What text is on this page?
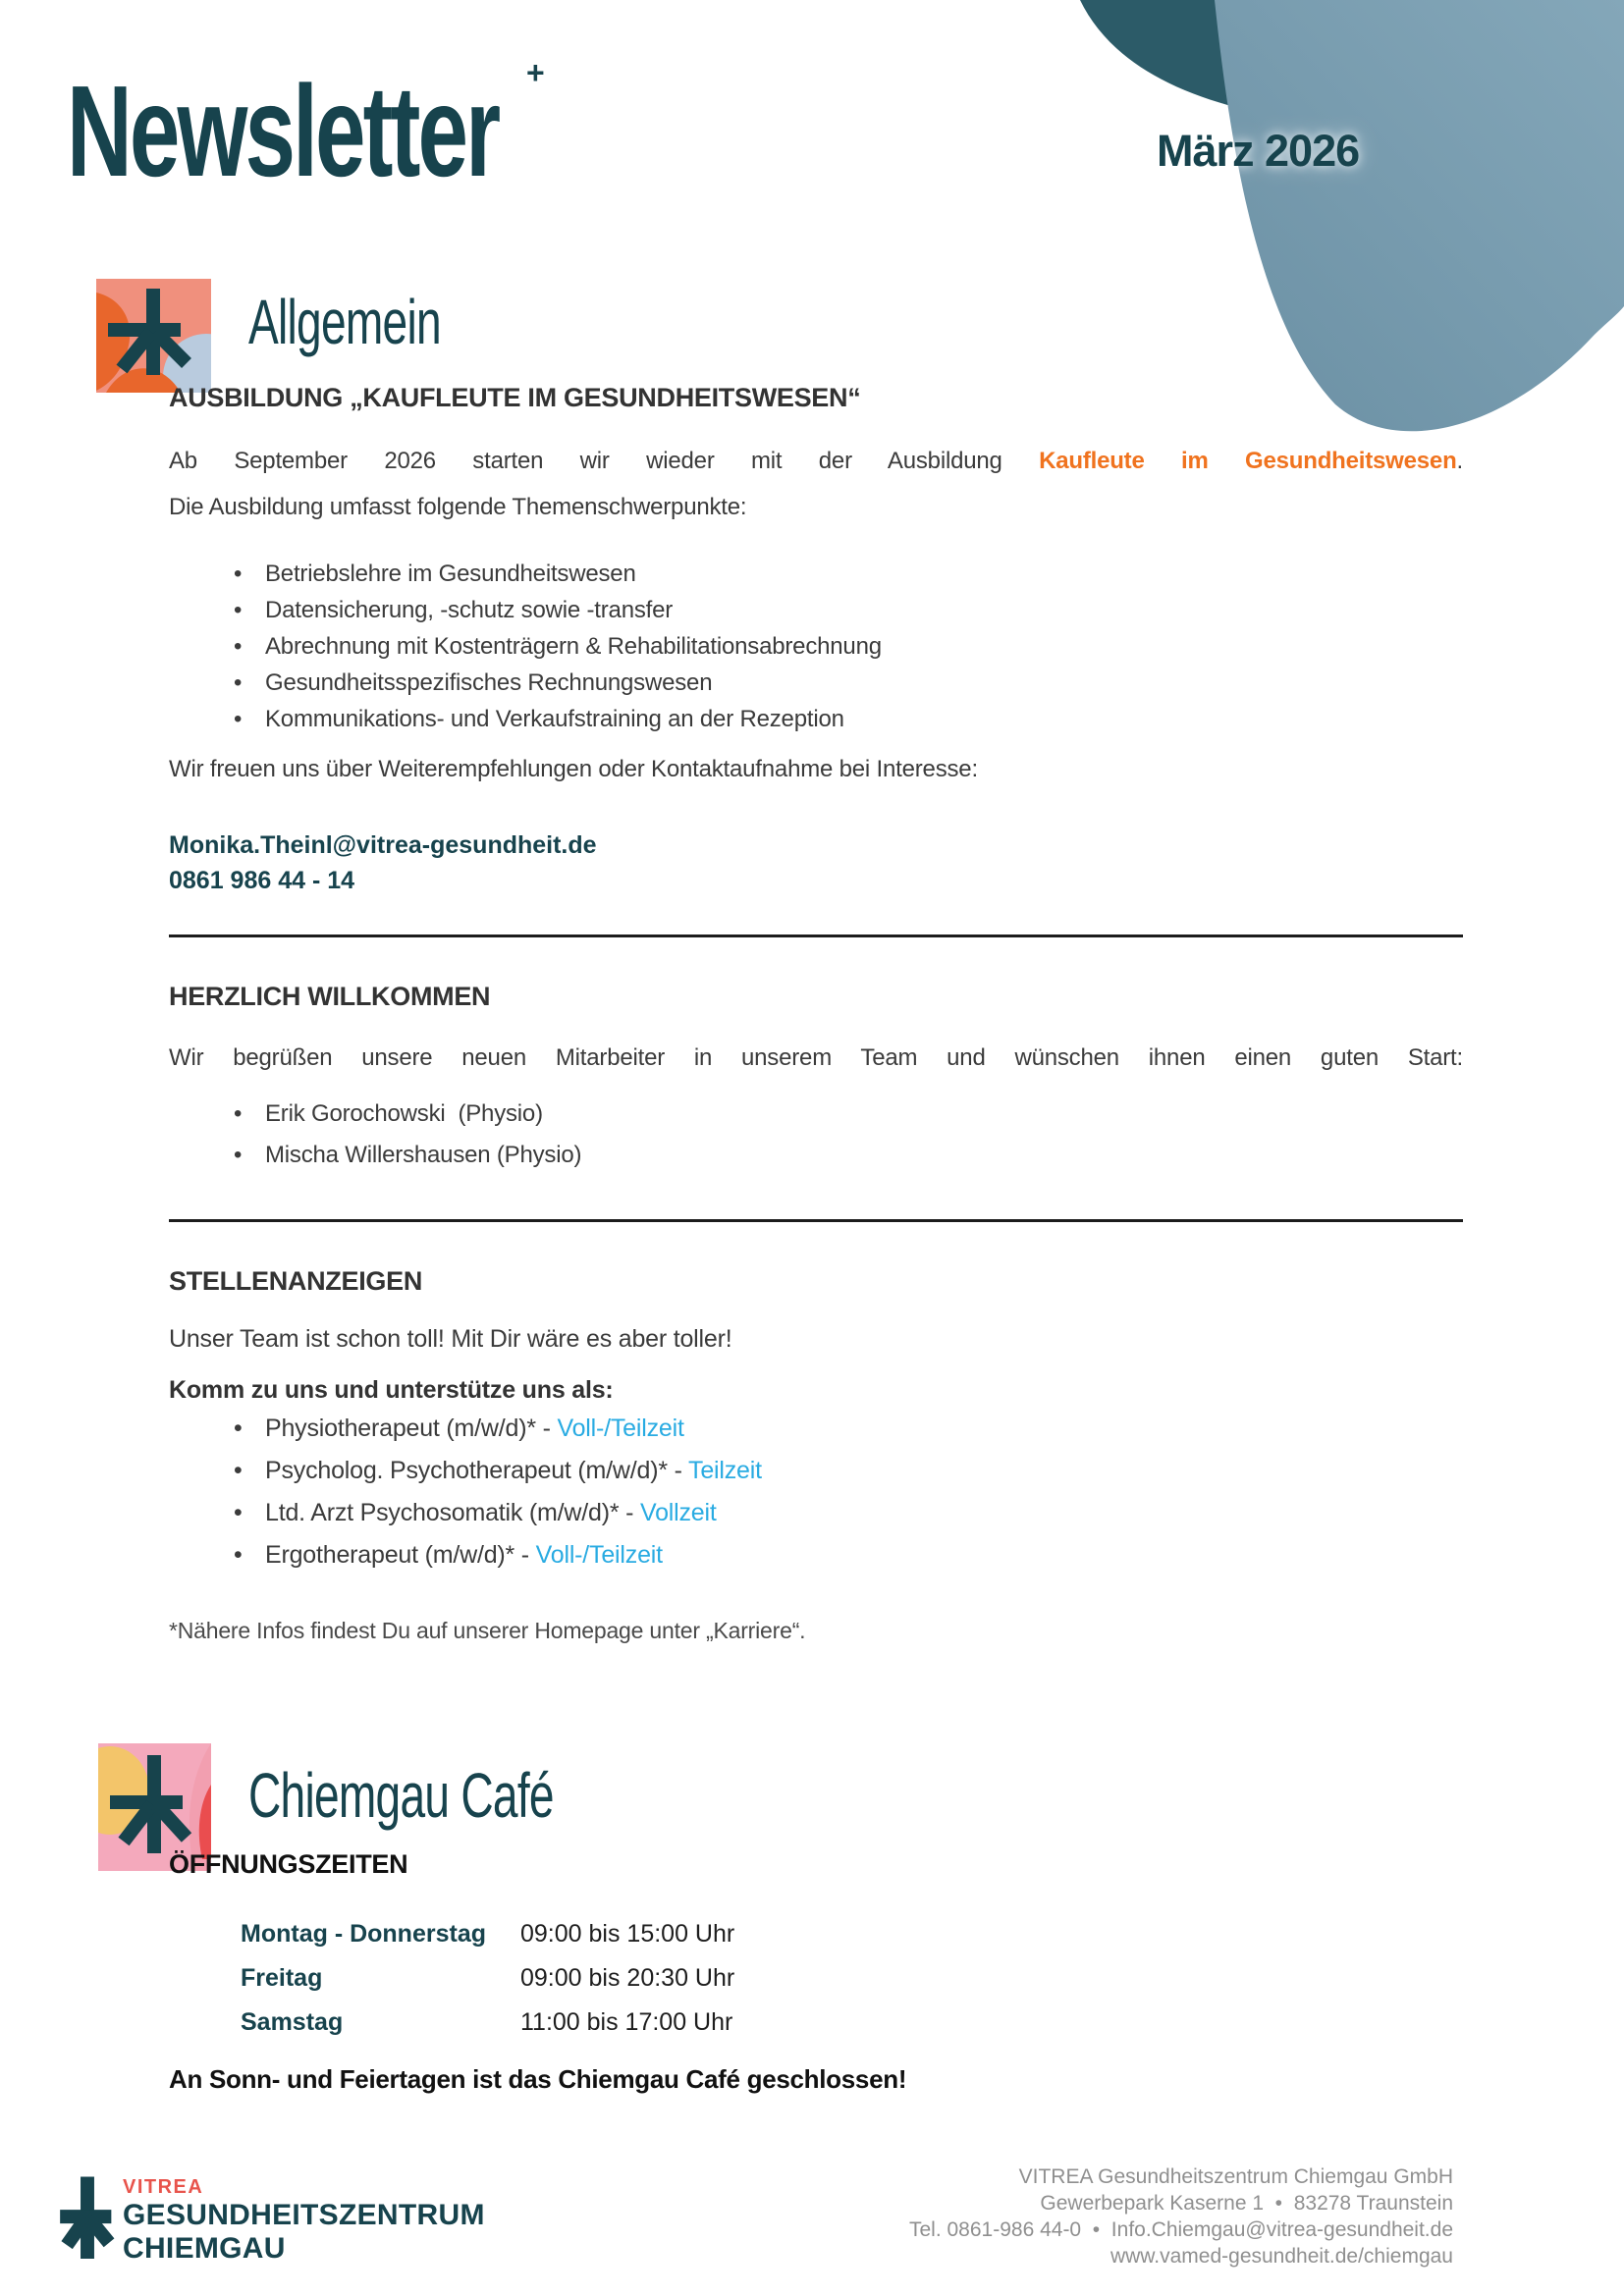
Newsletter +
März 2026
Allgemein
AUSBILDUNG „KAUFLEUTE IM GESUNDHEITSWESEN“
Ab September 2026 starten wir wieder mit der Ausbildung Kaufleute im Gesundheitswesen.
Die Ausbildung umfasst folgende Themenschwerpunkte:
• Betriebslehre im Gesundheitswesen
• Datensicherung, -schutz sowie -transfer
• Abrechnung mit Kostenträgern & Rehabilitationsabrechnung
• Gesundheitsspezifisches Rechnungswesen
• Kommunikations- und Verkaufstraining an der Rezeption
Wir freuen uns über Weiterempfehlungen oder Kontaktaufnahme bei Interesse:
Monika.Theinl@vitrea-gesundheit.de
0861 986 44 - 14
HERZLICH WILLKOMMEN
Wir begrüßen unsere neuen Mitarbeiter in unserem Team und wünschen ihnen einen guten Start:
• Erik Gorochowski  (Physio)
• Mischa Willershausen (Physio)
STELLENANZEIGEN
Unser Team ist schon toll! Mit Dir wäre es aber toller!
Komm zu uns und unterstütze uns als:
• Physiotherapeut (m/w/d)* - Voll-/Teilzeit
• Psycholog. Psychotherapeut (m/w/d)* - Teilzeit
• Ltd. Arzt Psychosomatik (m/w/d)* - Vollzeit
• Ergotherapeut (m/w/d)* - Voll-/Teilzeit
*Nähere Infos findest Du auf unserer Homepage unter „Karriere“.
Chiemgau Café
ÖFFNUNGSZEITEN
Montag - Donnerstag	09:00 bis 15:00 Uhr
Freitag	09:00 bis 20:30 Uhr
Samstag	11:00 bis 17:00 Uhr
An Sonn- und Feiertagen ist das Chiemgau Café geschlossen!
VITREA
GESUNDHEITSZENTRUM
CHIEMGAU
VITREA Gesundheitszentrum Chiemgau GmbH
Gewerbepark Kaserne 1  •  83278 Traunstein
Tel. 0861-986 44-0  •  Info.Chiemgau@vitrea-gesundheit.de
www.vamed-gesundheit.de/chiemgau
